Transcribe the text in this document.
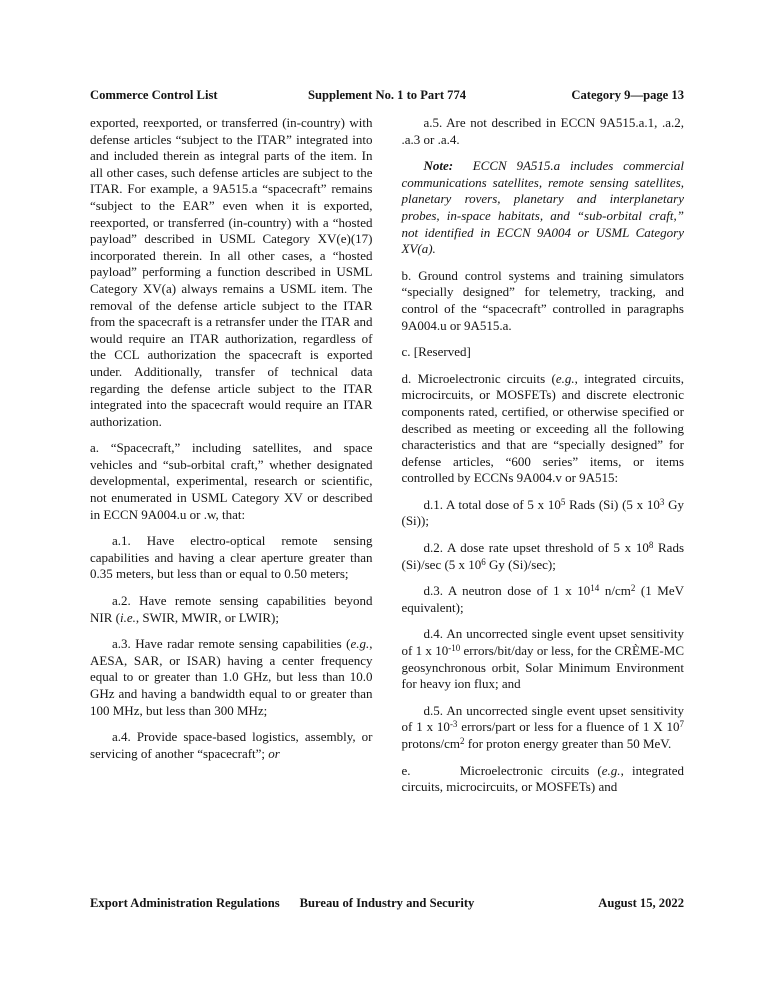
Commerce Control List	Supplement No. 1 to Part 774	Category 9—page 13
exported, reexported, or transferred (in-country) with defense articles “subject to the ITAR” integrated into and included therein as integral parts of the item. In all other cases, such defense articles are subject to the ITAR. For example, a 9A515.a “spacecraft” remains “subject to the EAR” even when it is exported, reexported, or transferred (in-country) with a “hosted payload” described in USML Category XV(e)(17) incorporated therein. In all other cases, a “hosted payload” performing a function described in USML Category XV(a) always remains a USML item. The removal of the defense article subject to the ITAR from the spacecraft is a retransfer under the ITAR and would require an ITAR authorization, regardless of the CCL authorization the spacecraft is exported under. Additionally, transfer of technical data regarding the defense article subject to the ITAR integrated into the spacecraft would require an ITAR authorization.
a. “Spacecraft,” including satellites, and space vehicles and “sub-orbital craft,” whether designated developmental, experimental, research or scientific, not enumerated in USML Category XV or described in ECCN 9A004.u or .w, that:
a.1. Have electro-optical remote sensing capabilities and having a clear aperture greater than 0.35 meters, but less than or equal to 0.50 meters;
a.2. Have remote sensing capabilities beyond NIR (i.e., SWIR, MWIR, or LWIR);
a.3. Have radar remote sensing capabilities (e.g., AESA, SAR, or ISAR) having a center frequency equal to or greater than 1.0 GHz, but less than 10.0 GHz and having a bandwidth equal to or greater than 100 MHz, but less than 300 MHz;
a.4. Provide space-based logistics, assembly, or servicing of another “spacecraft”; or
a.5. Are not described in ECCN 9A515.a.1, .a.2, .a.3 or .a.4.
Note:  ECCN 9A515.a includes commercial communications satellites, remote sensing satellites, planetary rovers, planetary and interplanetary probes, in-space habitats, and “sub-orbital craft,” not identified in ECCN 9A004 or USML Category XV(a).
b. Ground control systems and training simulators “specially designed” for telemetry, tracking, and control of the “spacecraft” controlled in paragraphs 9A004.u or 9A515.a.
c. [Reserved]
d. Microelectronic circuits (e.g., integrated circuits, microcircuits, or MOSFETs) and discrete electronic components rated, certified, or otherwise specified or described as meeting or exceeding all the following characteristics and that are “specially designed” for defense articles, “600 series” items, or items controlled by ECCNs 9A004.v or 9A515:
d.1. A total dose of 5 x $10^5$ Rads (Si) (5 x $10^3$ Gy (Si));
d.2. A dose rate upset threshold of 5 x $10^8$ Rads (Si)/sec (5 x $10^6$ Gy (Si)/sec);
d.3. A neutron dose of 1 x $10^{14}$ $n/cm^2$ (1 MeV equivalent);
d.4. An uncorrected single event upset sensitivity of 1 x $10^{-10}$ errors/bit/day or less, for the CRÈME-MC geosynchronous orbit, Solar Minimum Environment for heavy ion flux; and
d.5. An uncorrected single event upset sensitivity of 1 x $10^{-3}$ errors/part or less for a fluence of 1 X $10^7$ protons/$cm^2$ for proton energy greater than 50 MeV.
e.      Microelectronic circuits (e.g., integrated circuits, microcircuits, or MOSFETs) and
Export Administration Regulations	Bureau of Industry and Security	August 15, 2022
